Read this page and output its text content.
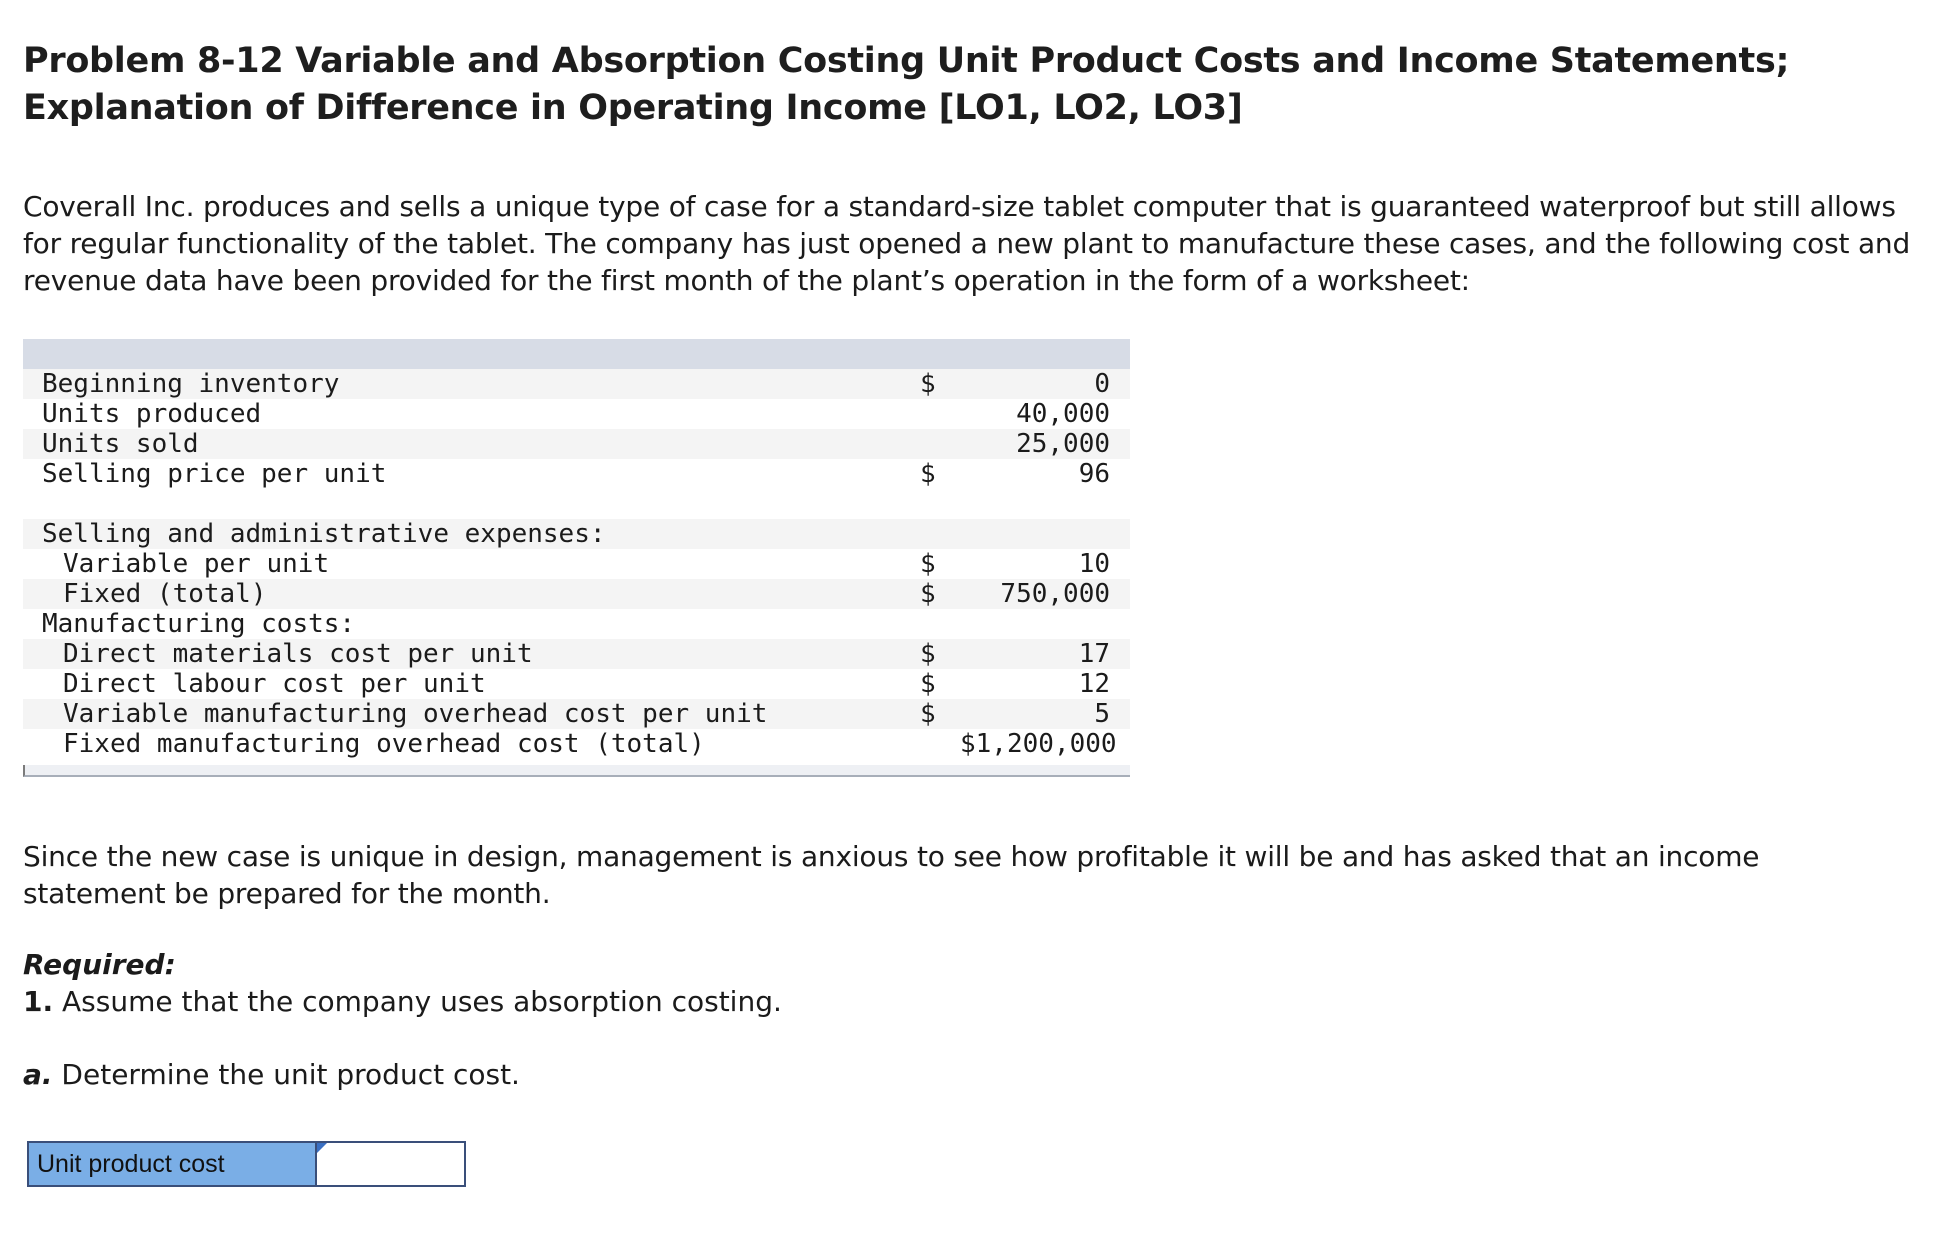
Problem 8-12 Variable and Absorption Costing Unit Product Costs and Income Statements; Explanation of Difference in Operating Income [LO1, LO2, LO3]
Coverall Inc. produces and sells a unique type of case for a standard-size tablet computer that is guaranteed waterproof but still allows for regular functionality of the tablet. The company has just opened a new plant to manufacture these cases, and the following cost and revenue data have been provided for the first month of the plant’s operation in the form of a worksheet:
Beginning inventory	$	0
Units produced	40,000
Units sold	25,000
Selling price per unit	$	96
Selling and administrative expenses:
Variable per unit	$	10
Fixed (total)	$	750,000
Manufacturing costs:
Direct materials cost per unit	$	17
Direct labour cost per unit	$	12
Variable manufacturing overhead cost per unit	$	5
Fixed manufacturing overhead cost (total)	$1,200,000
Since the new case is unique in design, management is anxious to see how profitable it will be and has asked that an income statement be prepared for the month.
Required:
1. Assume that the company uses absorption costing.
a. Determine the unit product cost.
Unit product cost
